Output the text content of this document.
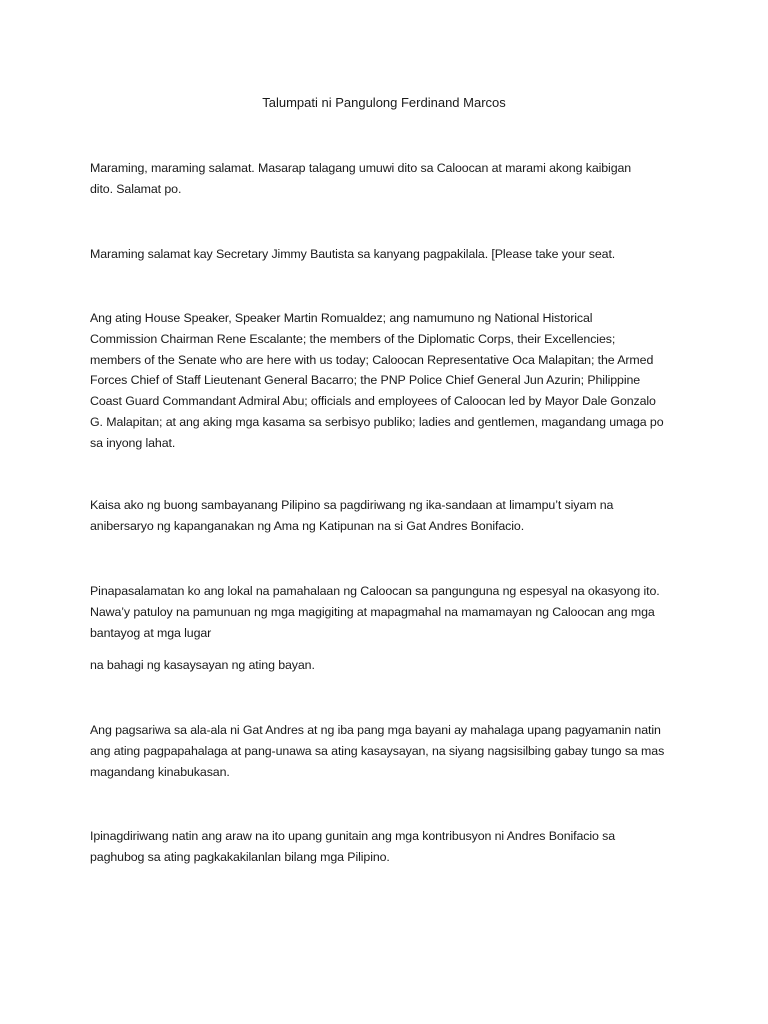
Talumpati ni Pangulong Ferdinand Marcos

Maraming, maraming salamat. Masarap talagang umuwi dito sa Caloocan at marami akong kaibigan
dito. Salamat po.

Maraming salamat kay Secretary Jimmy Bautista sa kanyang pagpakilala. [Please take your seat.

Ang ating House Speaker, Speaker Martin Romualdez; ang namumuno ng National Historical
Commission Chairman Rene Escalante; the members of the Diplomatic Corps, their Excellencies;
members of the Senate who are here with us today; Caloocan Representative Oca Malapitan; the Armed
Forces Chief of Staff Lieutenant General Bacarro; the PNP Police Chief General Jun Azurin; Philippine
Coast Guard Commandant Admiral Abu; officials and employees of Caloocan led by Mayor Dale Gonzalo
G. Malapitan; at ang aking mga kasama sa serbisyo publiko; ladies and gentlemen, magandang umaga po
sa inyong lahat.

Kaisa ako ng buong sambayanang Pilipino sa pagdiriwang ng ika-sandaan at limampu’t siyam na
anibersaryo ng kapanganakan ng Ama ng Katipunan na si Gat Andres Bonifacio.

Pinapasalamatan ko ang lokal na pamahalaan ng Caloocan sa pangunguna ng espesyal na okasyong ito.
Nawa’y patuloy na pamunuan ng mga magigiting at mapagmahal na mamamayan ng Caloocan ang mga
bantayog at mga lugar

na bahagi ng kasaysayan ng ating bayan.

Ang pagsariwa sa ala-ala ni Gat Andres at ng iba pang mga bayani ay mahalaga upang pagyamanin natin
ang ating pagpapahalaga at pang-unawa sa ating kasaysayan, na siyang nagsisilbing gabay tungo sa mas
magandang kinabukasan.

Ipinagdiriwang natin ang araw na ito upang gunitain ang mga kontribusyon ni Andres Bonifacio sa
paghubog sa ating pagkakakilanlan bilang mga Pilipino.
